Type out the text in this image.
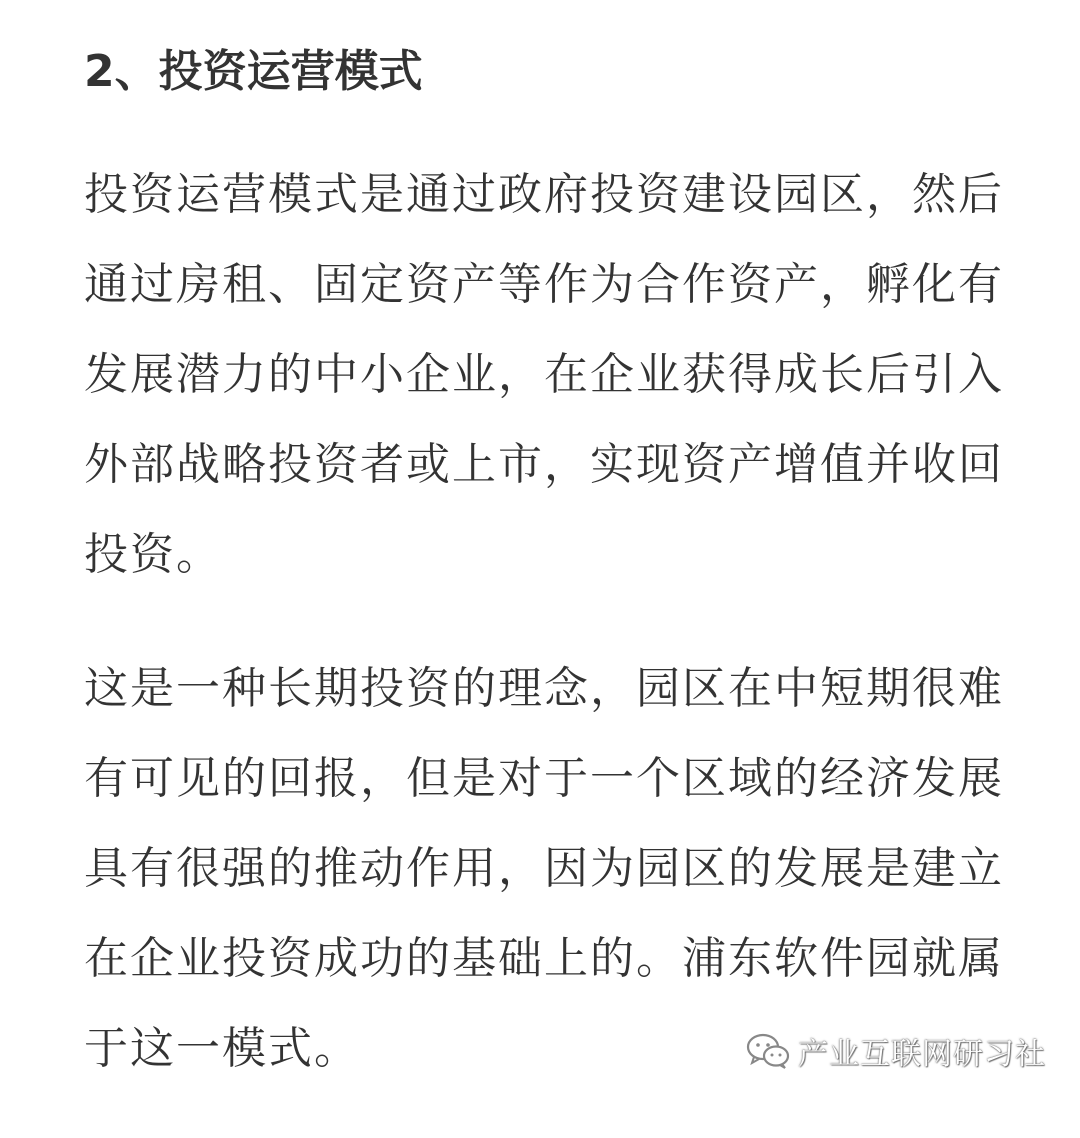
2、投资运营模式
投资运营模式是通过政府投资建设园区，然后
通过房租、固定资产等作为合作资产，孵化有
发展潜力的中小企业，在企业获得成长后引入
外部战略投资者或上市，实现资产增值并收回
投资。
这是一种长期投资的理念，园区在中短期很难
有可见的回报，但是对于一个区域的经济发展
具有很强的推动作用，因为园区的发展是建立
在企业投资成功的基础上的。浦东软件园就属
于这一模式。	产业互联网研习社
